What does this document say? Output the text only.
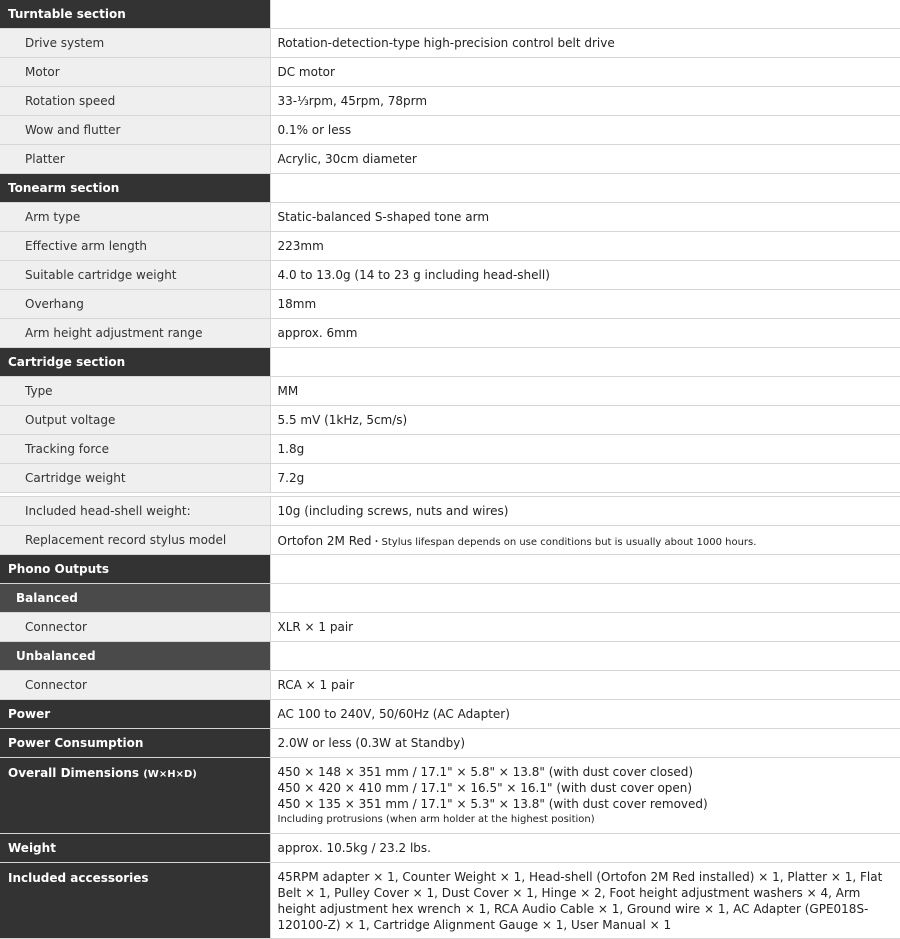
Turntable section	
Drive system	Rotation-detection-type high-precision control belt drive
Motor	DC motor
Rotation speed	33-⅓rpm, 45rpm, 78prm
Wow and flutter	0.1% or less
Platter	Acrylic, 30cm diameter
Tonearm section	
Arm type	Static-balanced S-shaped tone arm
Effective arm length	223mm
Suitable cartridge weight	4.0 to 13.0g (14 to 23 g including head-shell)
Overhang	18mm
Arm height adjustment range	approx. 6mm
Cartridge section	
Type	MM
Output voltage	5.5 mV (1kHz, 5cm/s)
Tracking force	1.8g
Cartridge weight	7.2g

Included head-shell weight:	10g (including screws, nuts and wires)
Replacement record stylus model	Ortofon 2M Red・Stylus lifespan depends on use conditions but is usually about 1000 hours.
Phono Outputs	
Balanced	
Connector	XLR × 1 pair
Unbalanced	
Connector	RCA × 1 pair
Power	AC 100 to 240V, 50/60Hz (AC Adapter)
Power Consumption	2.0W or less (0.3W at Standby)
Overall Dimensions (W×H×D)	450 × 148 × 351 mm / 17.1" × 5.8" × 13.8" (with dust cover closed)
450 × 420 × 410 mm / 17.1" × 16.5" × 16.1" (with dust cover open)
450 × 135 × 351 mm / 17.1" × 5.3" × 13.8" (with dust cover removed)
Including protrusions (when arm holder at the highest position)

Weight	approx. 10.5kg / 23.2 lbs.
Included accessories	45RPM adapter × 1, Counter Weight × 1, Head-shell (Ortofon 2M Red installed) × 1, Platter × 1, Flat Belt × 1, Pulley Cover × 1, Dust Cover × 1, Hinge × 2, Foot height adjustment washers × 4, Arm height adjustment hex wrench × 1, RCA Audio Cable × 1, Ground wire × 1, AC Adapter (GPE018S-120100-Z) × 1, Cartridge Alignment Gauge × 1, User Manual × 1
